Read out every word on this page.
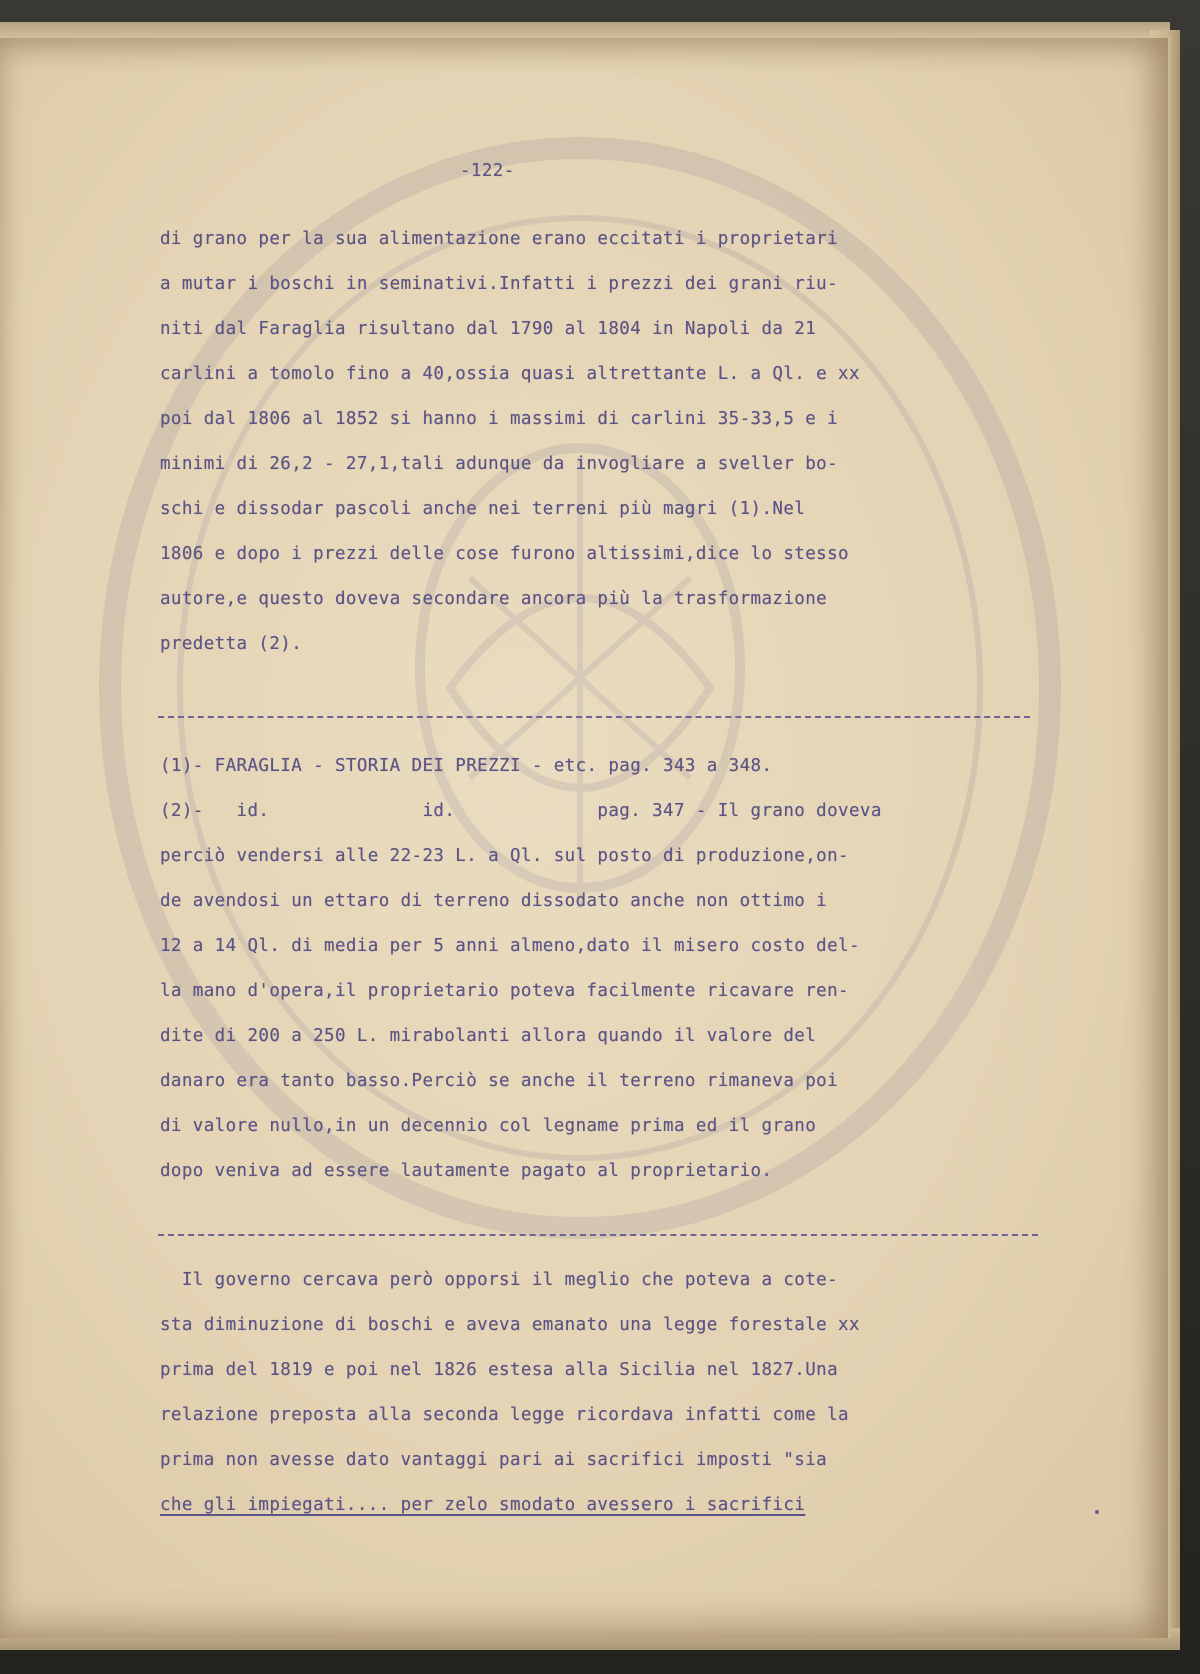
-122-
di grano per la sua alimentazione erano eccitati i proprietari
a mutar i boschi in seminativi.Infatti i prezzi dei grani riu-
niti dal Faraglia risultano dal 1790 al 1804 in Napoli da 21
carlini a tomolo fino a 40,ossia quasi altrettante L. a Ql. e xx
poi dal 1806 al 1852 si hanno i massimi di carlini 35-33,5 e i
minimi di 26,2 - 27,1,tali adunque da invogliare a sveller bo-
schi e dissodar pascoli anche nei terreni più magri (1).Nel
1806 e dopo i prezzi delle cose furono altissimi,dice lo stesso
autore,e questo doveva secondare ancora più la trasformazione
predetta (2).
(1)- FARAGLIA - STORIA DEI PREZZI - etc. pag. 343 a 348.
(2)-   id.              id.             pag. 347 - Il grano doveva
perciò vendersi alle 22-23 L. a Ql. sul posto di produzione,on-
de avendosi un ettaro di terreno dissodato anche non ottimo i
12 a 14 Ql. di media per 5 anni almeno,dato il misero costo del-
la mano d'opera,il proprietario poteva facilmente ricavare ren-
dite di 200 a 250 L. mirabolanti allora quando il valore del
danaro era tanto basso.Perciò se anche il terreno rimaneva poi
di valore nullo,in un decennio col legname prima ed il grano
dopo veniva ad essere lautamente pagato al proprietario.
Il governo cercava però opporsi il meglio che poteva a cote-
sta diminuzione di boschi e aveva emanato una legge forestale xx
prima del 1819 e poi nel 1826 estesa alla Sicilia nel 1827.Una
relazione preposta alla seconda legge ricordava infatti come la
prima non avesse dato vantaggi pari ai sacrifici imposti "sia
che gli impiegati.... per zelo smodato avessero i sacrifici
